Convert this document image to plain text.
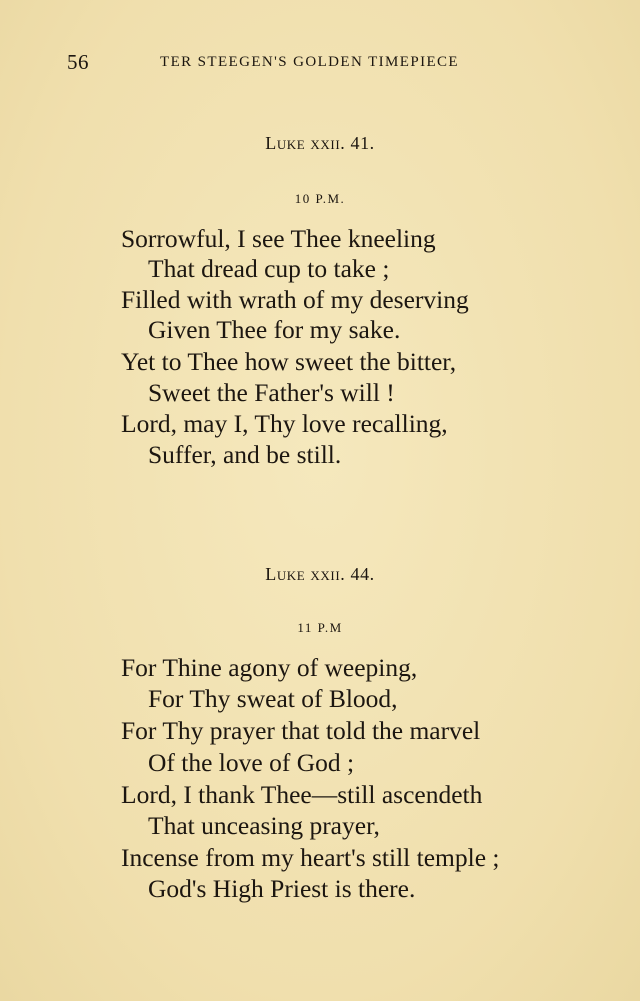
56	TER STEEGEN'S GOLDEN TIMEPIECE
Luke xxii. 41.
10 P.M.
Sorrowful, I see Thee kneeling
That dread cup to take ;
Filled with wrath of my deserving
Given Thee for my sake.
Yet to Thee how sweet the bitter,
Sweet the Father's will !
Lord, may I, Thy love recalling,
Suffer, and be still.
Luke xxii. 44.
11 P.M
For Thine agony of weeping,
For Thy sweat of Blood,
For Thy prayer that told the marvel
Of the love of God ;
Lord, I thank Thee—still ascendeth
That unceasing prayer,
Incense from my heart's still temple ;
God's High Priest is there.
